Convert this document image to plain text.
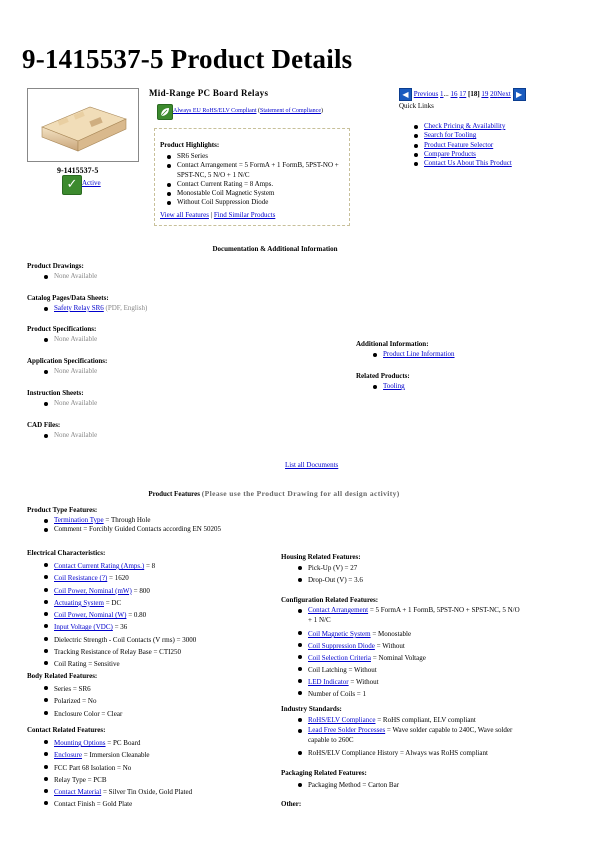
9-1415537-5 Product Details
9-1415537-5
✓ Active
Mid-Range PC Board Relays
Always EU RoHS/ELV Compliant (Statement of Compliance)
Product Highlights:
SR6 Series
Contact Arrangement = 5 FormA + 1 FormB, 5PST-NO +
SPST-NC, 5 N/O + 1 N/C
Contact Current Rating = 8 Amps.
Monostable Coil Magnetic System
Without Coil Suppression Diode
View all Features | Find Similar Products
◀ Previous 1... 16 17 [18] 19 20Next ▶
Quick Links
Check Pricing & Availability
Search for Tooling
Product Feature Selector
Compare Products
Contact Us About This Product
Documentation & Additional Information
Product Drawings:
None Available
Catalog Pages/Data Sheets:
Safety Relay SR6 (PDF, English)
Product Specifications:
None Available
Application Specifications:
None Available
Instruction Sheets:
None Available
CAD Files:
None Available
Additional Information:
Product Line Information
Related Products:
Tooling
List all Documents
Product Features (Please use the Product Drawing for all design activity)
Product Type Features:
Termination Type = Through Hole
Comment = Forcibly Guided Contacts according EN 50205
Electrical Characteristics:
Contact Current Rating (Amps.) = 8
Coil Resistance (?) = 1620
Coil Power, Nominal (mW) = 800
Actuating System = DC
Coil Power, Nominal (W) = 0.80
Input Voltage (VDC) = 36
Dielectric Strength - Coil Contacts (V rms) = 3000
Tracking Resistance of Relay Base = CTI250
Coil Rating = Sensitive
Body Related Features:
Series = SR6
Polarized = No
Enclosure Color = Clear
Contact Related Features:
Mounting Options = PC Board
Enclosure = Immersion Cleanable
FCC Part 68 Isolation = No
Relay Type = PCB
Contact Material = Silver Tin Oxide, Gold Plated
Contact Finish = Gold Plate
Housing Related Features:
Pick-Up (V) = 27
Drop-Out (V) = 3.6
Configuration Related Features:
Contact Arrangement = 5 FormA + 1 FormB, 5PST-NO + SPST-NC, 5 N/O
+ 1 N/C
Coil Magnetic System = Monostable
Coil Suppression Diode = Without
Coil Selection Criteria = Nominal Voltage
Coil Latching = Without
LED Indicator = Without
Number of Coils = 1
Industry Standards:
RoHS/ELV Compliance = RoHS compliant, ELV compliant
Lead Free Solder Processes = Wave solder capable to 240C, Wave solder
capable to 260C
RoHS/ELV Compliance History = Always was RoHS compliant
Packaging Related Features:
Packaging Method = Carton Bar
Other:
